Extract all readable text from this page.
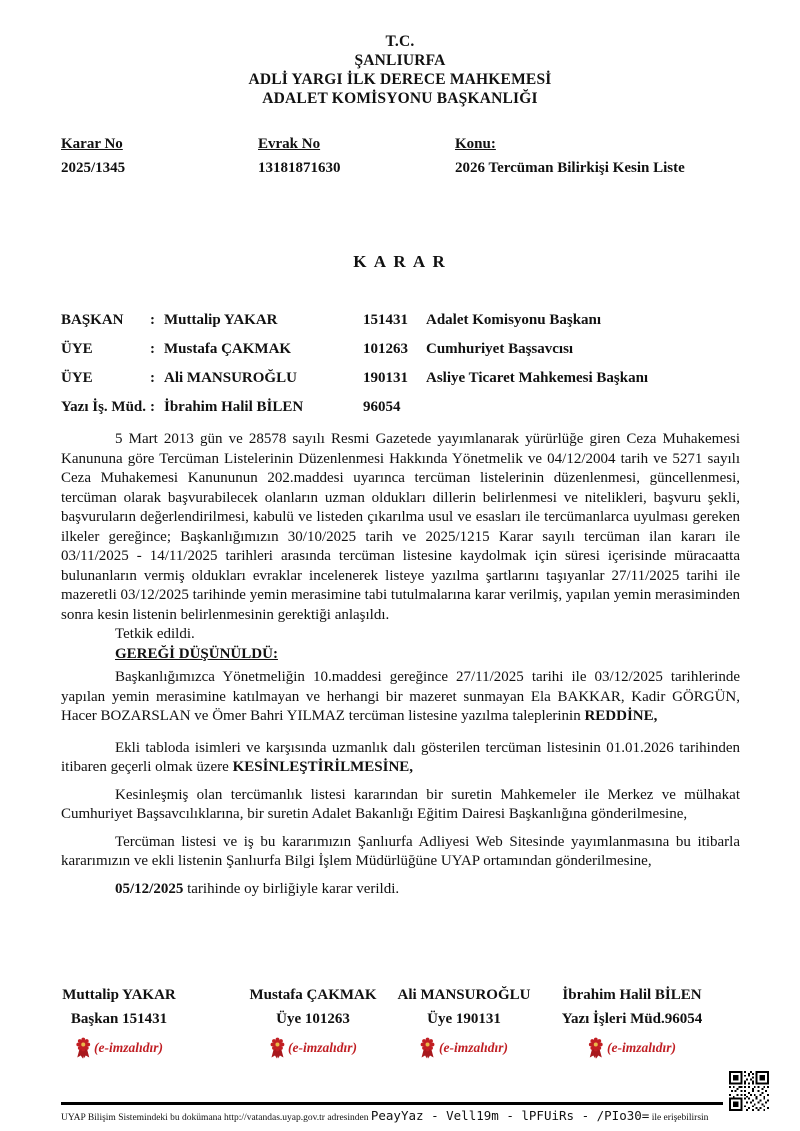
T.C.
ŞANLIURFA
ADLİ YARGI İLK DERECE MAHKEMESİ
ADALET KOMİSYONU BAŞKANLIĞI
Karar No
2025/1345
Evrak No
13181871630
Konu:
2026 Tercüman Bilirkişi Kesin Liste
K A R A R
BAŞKAN	: Muttalip YAKAR	151431	Adalet Komisyonu Başkanı
ÜYE	: Mustafa ÇAKMAK	101263	Cumhuriyet Başsavcısı
ÜYE	: Ali MANSUROĞLU	190131	Asliye Ticaret Mahkemesi Başkanı
Yazı İş. Müd. : İbrahim Halil BİLEN	96054

5 Mart 2013 gün ve 28578 sayılı Resmi Gazetede yayımlanarak yürürlüğe giren Ceza Muhakemesi Kanununa göre Tercüman Listelerinin Düzenlenmesi Hakkında Yönetmelik ve 04/12/2004 tarih ve 5271 sayılı Ceza Muhakemesi Kanununun 202.maddesi uyarınca tercüman listelerinin düzenlenmesi, güncellenmesi, tercüman olarak başvurabilecek olanların uzman oldukları dillerin belirlenmesi ve nitelikleri, başvuru şekli, başvuruların değerlendirilmesi, kabulü ve listeden çıkarılma usul ve esasları ile tercümanlarca uyulması gereken ilkeler gereğince; Başkanlığımızın 30/10/2025 tarih ve 2025/1215 Karar sayılı tercüman ilan kararı ile 03/11/2025 - 14/11/2025 tarihleri arasında tercüman listesine kaydolmak için süresi içerisinde müracaatta bulunanların vermiş oldukları evraklar incelenerek listeye yazılma şartlarını taşıyanlar 27/11/2025 tarihi ile mazeretli 03/12/2025 tarihinde yemin merasimine tabi tutulmalarına karar verilmiş, yapılan yemin merasiminden sonra kesin listenin belirlenmesinin gerektiği anlaşıldı.

Tetkik edildi.

GEREĞİ DÜŞÜNÜLDÜ:

Başkanlığımızca Yönetmeliğin 10.maddesi gereğince 27/11/2025 tarihi ile 03/12/2025 tarihlerinde yapılan yemin merasimine katılmayan ve herhangi bir mazeret sunmayan Ela BAKKAR, Kadir GÖRGÜN, Hacer BOZARSLAN ve Ömer Bahri YILMAZ tercüman listesine yazılma taleplerinin REDDİNE,

Ekli tabloda isimleri ve karşısında uzmanlık dalı gösterilen tercüman listesinin 01.01.2026 tarihinden itibaren geçerli olmak üzere KESİNLEŞTİRİLMESİNE,

Kesinleşmiş olan tercümanlık listesi kararından bir suretin Mahkemeler ile Merkez ve mülhakat Cumhuriyet Başsavcılıklarına, bir suretin Adalet Bakanlığı Eğitim Dairesi Başkanlığına gönderilmesine,

Tercüman listesi ve iş bu kararımızın Şanlıurfa Adliyesi Web Sitesinde yayımlanmasına bu itibarla kararımızın ve ekli listenin Şanlıurfa Bilgi İşlem Müdürlüğüne UYAP ortamından gönderilmesine,

05/12/2025 tarihinde oy birliğiyle karar verildi.

Muttalip YAKAR
Başkan 151431
(e-imzalıdır)
Mustafa ÇAKMAK
Üye 101263
(e-imzalıdır)
Ali MANSUROĞLU
Üye 190131
(e-imzalıdır)
İbrahim Halil BİLEN
Yazı İşleri Müd.96054
(e-imzalıdır)
UYAP Bilişim Sistemindeki bu dokümana http://vatandas.uyap.gov.tr adresinden PeayYaz - Vell19m - lPFUiRs - /PIo30= ile erişebilirsin
